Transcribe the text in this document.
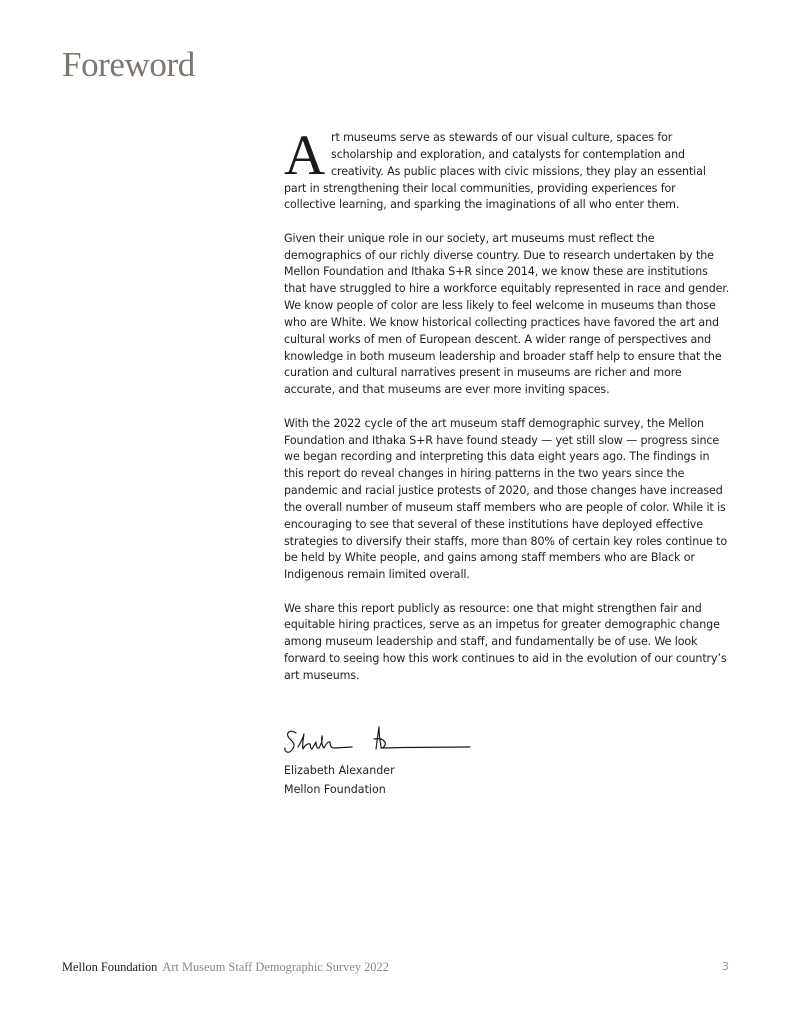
Foreword

Art museums serve as stewards of our visual culture, spaces for scholarship and exploration, and catalysts for contemplation and creativity. As public places with civic missions, they play an essential part in strengthening their local communities, providing experiences for collective learning, and sparking the imaginations of all who enter them.

Given their unique role in our society, art museums must reflect the demographics of our richly diverse country. Due to research undertaken by the Mellon Foundation and Ithaka S+R since 2014, we know these are institutions that have struggled to hire a workforce equitably represented in race and gender. We know people of color are less likely to feel welcome in museums than those who are White. We know historical collecting practices have favored the art and cultural works of men of European descent. A wider range of perspectives and knowledge in both museum leadership and broader staff help to ensure that the curation and cultural narratives present in museums are richer and more accurate, and that museums are ever more inviting spaces.

With the 2022 cycle of the art museum staff demographic survey, the Mellon Foundation and Ithaka S+R have found steady — yet still slow — progress since we began recording and interpreting this data eight years ago. The findings in this report do reveal changes in hiring patterns in the two years since the pandemic and racial justice protests of 2020, and those changes have increased the overall number of museum staff members who are people of color. While it is encouraging to see that several of these institutions have deployed effective strategies to diversify their staffs, more than 80% of certain key roles continue to be held by White people, and gains among staff members who are Black or Indigenous remain limited overall.

We share this report publicly as resource: one that might strengthen fair and equitable hiring practices, serve as an impetus for greater demographic change among museum leadership and staff, and fundamentally be of use. We look forward to seeing how this work continues to aid in the evolution of our country’s art museums.

Elizabeth Alexander
Mellon Foundation
Mellon Foundation Art Museum Staff Demographic Survey 2022	3
